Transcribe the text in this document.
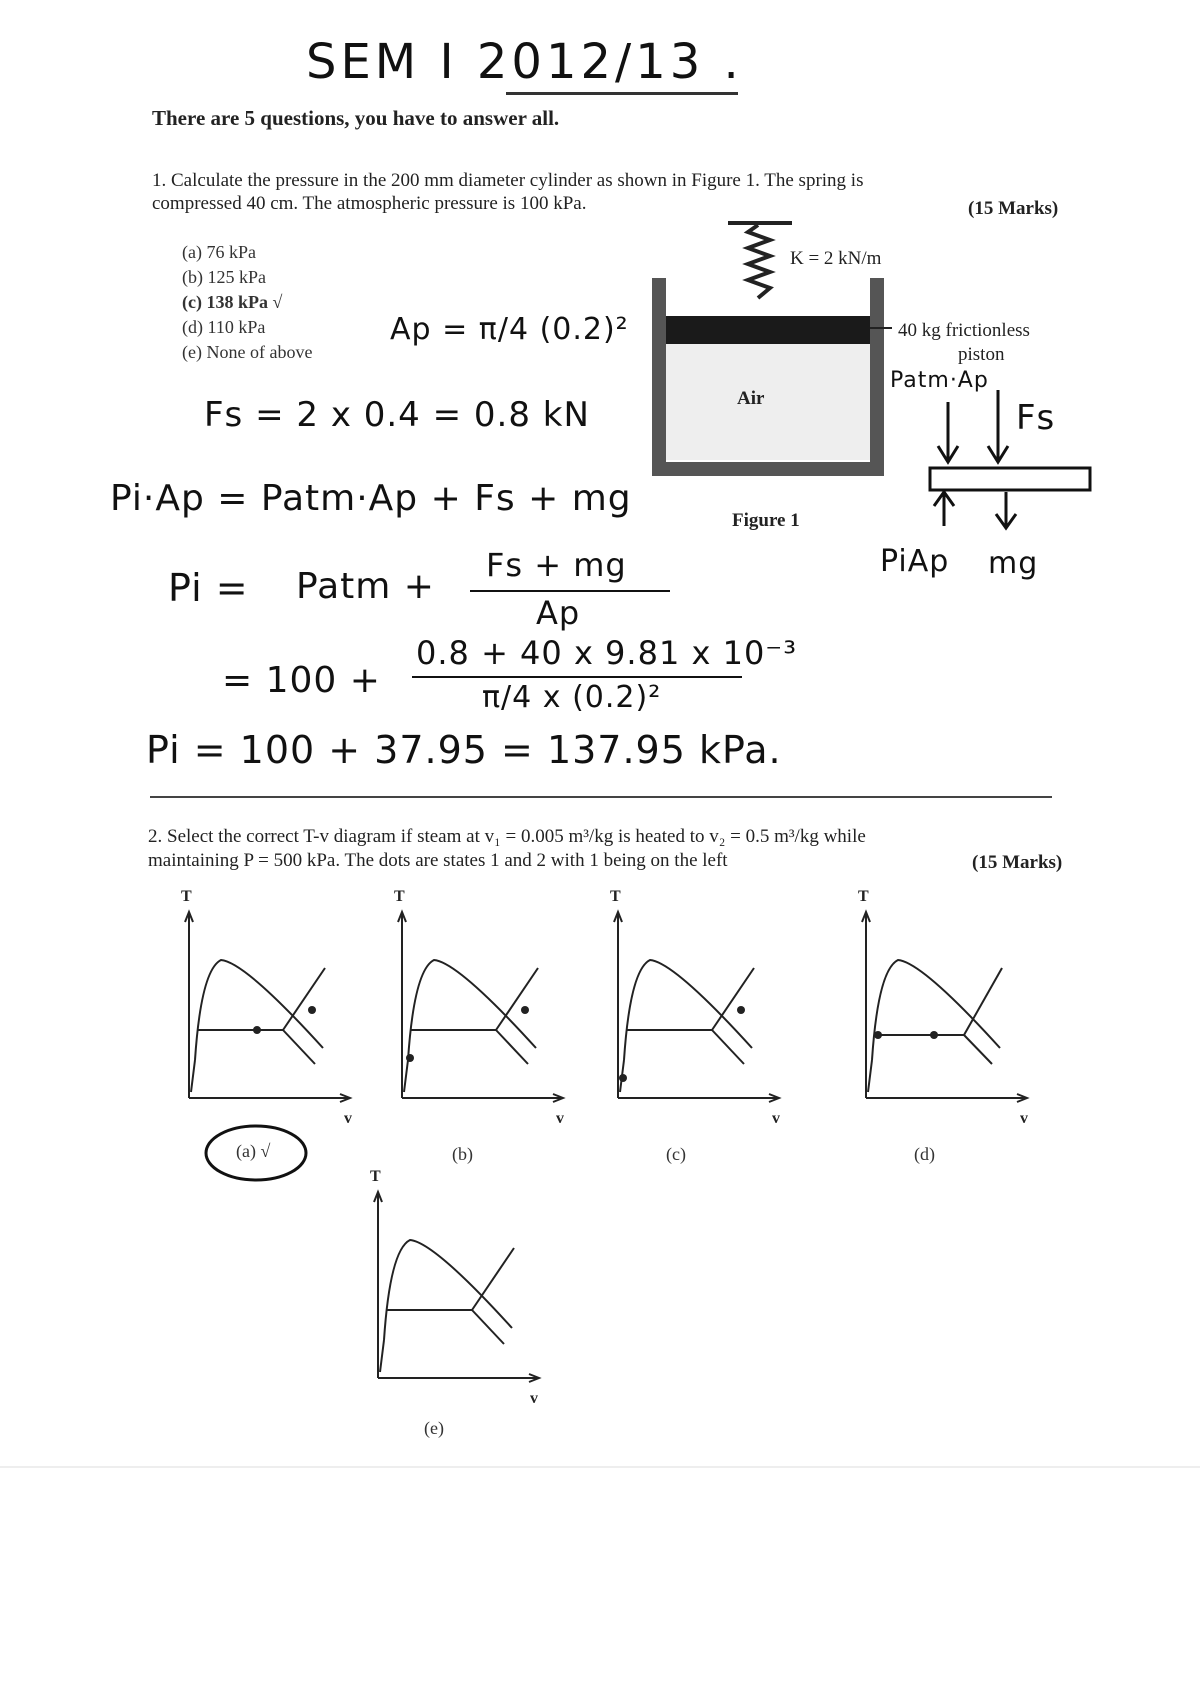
SEM I 2012/13 .
There are 5 questions, you have to answer all.
1. Calculate the pressure in the 200 mm diameter cylinder as shown in Figure 1. The spring is
compressed 40 cm. The atmospheric pressure is 100 kPa.	(15 Marks)
(a) 76 kPa
(b) 125 kPa
(c) 138 kPa √
(d) 110 kPa
(e) None of above
Ap = π/4 (0.2)²
K = 2 kN/m
40 kg frictionless
piston
Air
Figure 1
Fs = 2 x 0.4 = 0.8 kN
Patm·Ap
Fs
PiAp mg
Pi·Ap = Patm·Ap + Fs + mg
Pi = Patm +
Fs + mg
Ap
= 100 +
0.8 + 40 x 9.81 x 10⁻³
π/4 x (0.2)²
Pi = 100 + 37.95 = 137.95 kPa.
2. Select the correct T-v diagram if steam at v₁ = 0.005 m³/kg is heated to v₂ = 0.5 m³/kg while
maintaining P = 500 kPa. The dots are states 1 and 2 with 1 being on the left	(15 Marks)
T
v
T
v
T
v
T
v
(a) √	(b)	(c)	(d)
T
v
(e)
